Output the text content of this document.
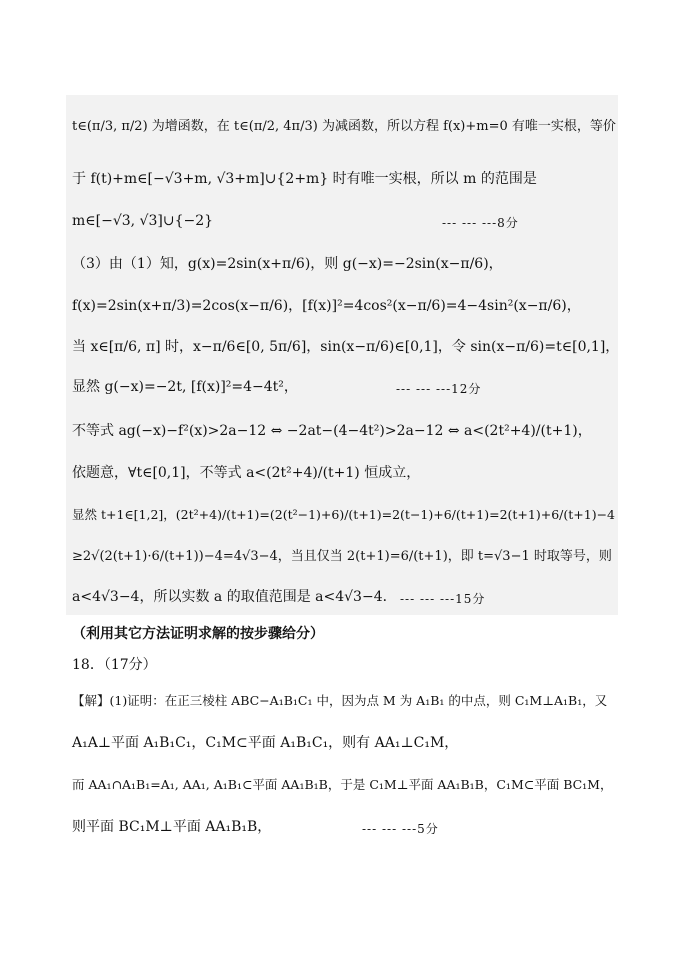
t∈(π/3, π/2) 为增函数，在 t∈(π/2, 4π/3) 为减函数，所以方程 f(x)+m=0 有唯一实根，等价
于 f(t)+m∈[−√3+m, √3+m]∪{2+m} 时有唯一实根，所以 m 的范围是
m∈[−√3, √3]∪{−2}	--- --- ---8分
（3）由（1）知，g(x)=2sin(x+π/6)，则 g(−x)=−2sin(x−π/6)，
f(x)=2sin(x+π/3)=2cos(x−π/6)，[f(x)]²=4cos²(x−π/6)=4−4sin²(x−π/6)，
当 x∈[π/6, π] 时，x−π/6∈[0, 5π/6]，sin(x−π/6)∈[0,1]，令 sin(x−π/6)=t∈[0,1]，
显然 g(−x)=−2t, [f(x)]²=4−4t²，	--- --- ---12分
不等式 ag(−x)−f²(x)>2a−12 ⇔ −2at−(4−4t²)>2a−12 ⇔ a<(2t²+4)/(t+1)，
依题意，∀t∈[0,1]，不等式 a<(2t²+4)/(t+1) 恒成立，
显然 t+1∈[1,2]，(2t²+4)/(t+1)=(2(t²−1)+6)/(t+1)=2(t−1)+6/(t+1)=2(t+1)+6/(t+1)−4
≥2√(2(t+1)·6/(t+1))−4=4√3−4，当且仅当 2(t+1)=6/(t+1)，即 t=√3−1 时取等号，则
a<4√3−4，所以实数 a 的取值范围是 a<4√3−4． --- --- ---15分
（利用其它方法证明求解的按步骤给分）
18．（17分）
【解】(1)证明：在正三棱柱 ABC−A₁B₁C₁ 中，因为点 M 为 A₁B₁ 的中点，则 C₁M⊥A₁B₁，又
A₁A⊥平面 A₁B₁C₁，C₁M⊂平面 A₁B₁C₁，则有 AA₁⊥C₁M，
而 AA₁∩A₁B₁=A₁, AA₁, A₁B₁⊂平面 AA₁B₁B，于是 C₁M⊥平面 AA₁B₁B，C₁M⊂平面 BC₁M，
则平面 BC₁M⊥平面 AA₁B₁B，	--- --- ---5分
